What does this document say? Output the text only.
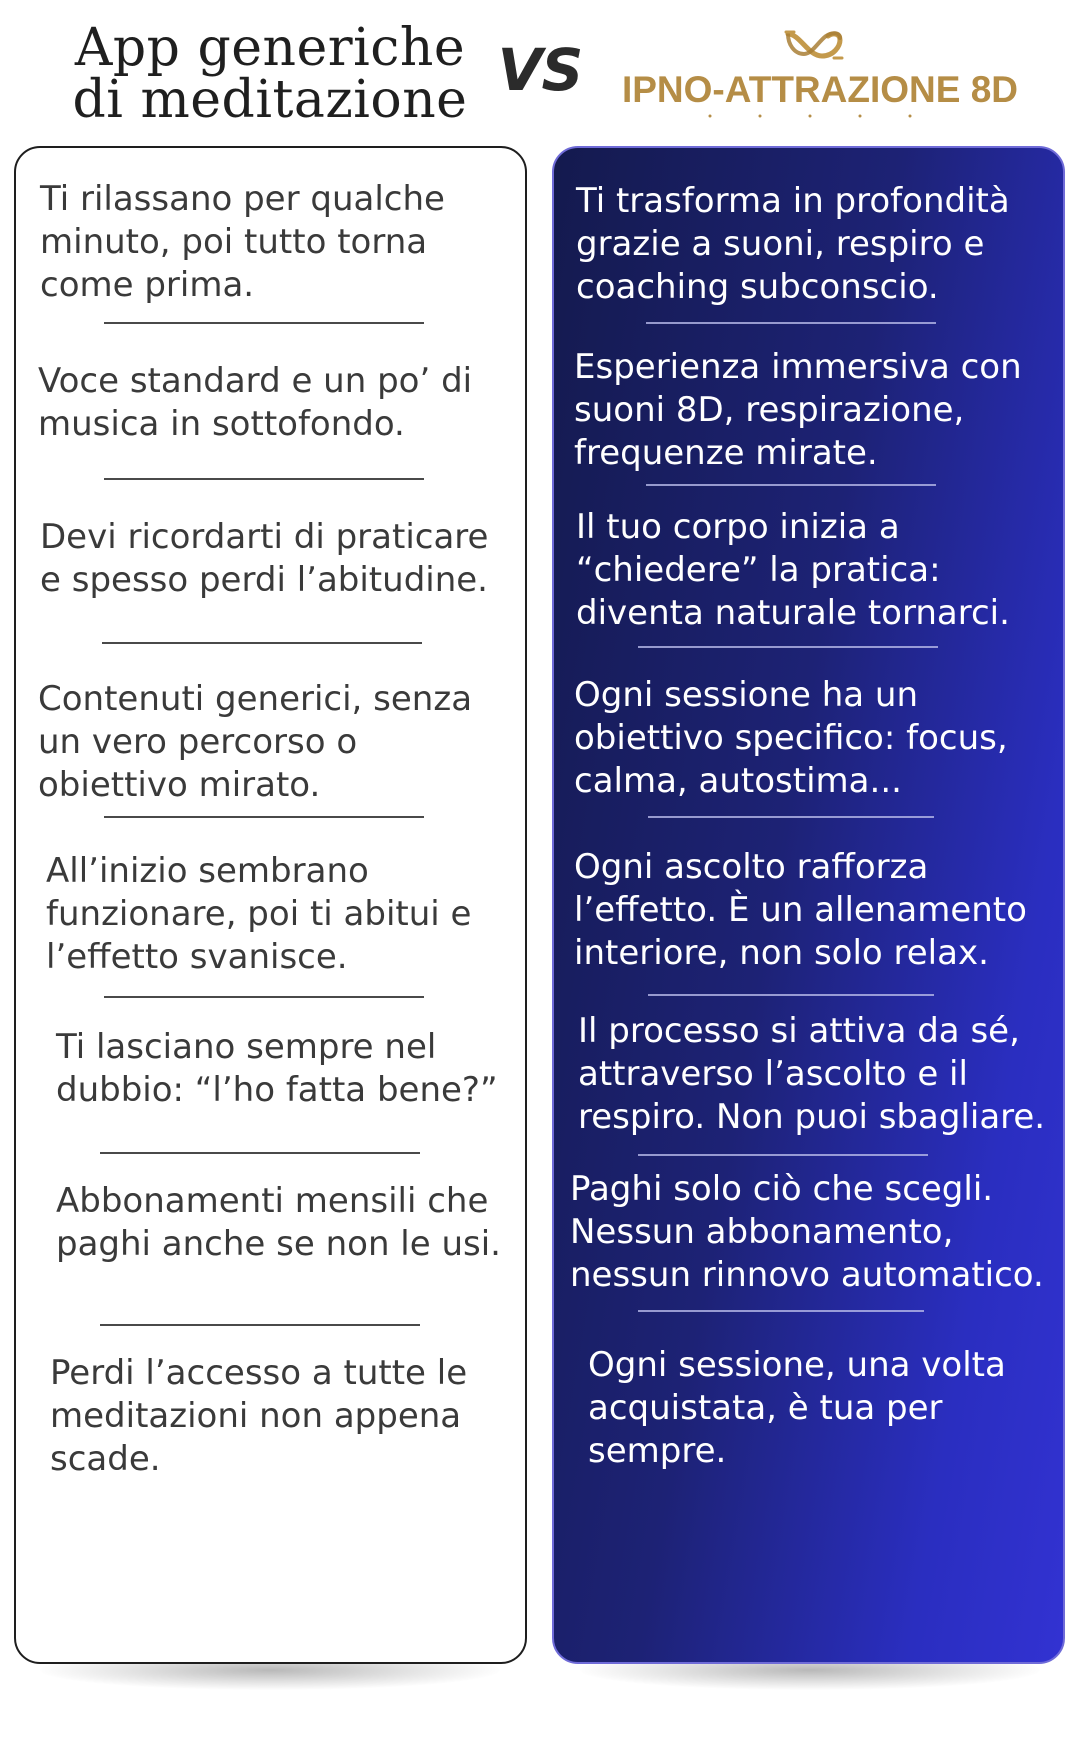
App generiche
di meditazione VS	IPNO-ATTRAZIONE 8D
Ti rilassano per qualche
minuto, poi tutto torna
come prima.
Voce standard e un po’ di
musica in sottofondo.
Devi ricordarti di praticare
e spesso perdi l’abitudine.
Contenuti generici, senza
un vero percorso o
obiettivo mirato.
All’inizio sembrano
funzionare, poi ti abitui e
l’effetto svanisce.
Ti lasciano sempre nel
dubbio: “l’ho fatta bene?”
Abbonamenti mensili che
paghi anche se non le usi.
Perdi l’accesso a tutte le
meditazioni non appena
scade.
Ti trasforma in profondità
grazie a suoni, respiro e
coaching subconscio.
Esperienza immersiva con
suoni 8D, respirazione,
frequenze mirate.
Il tuo corpo inizia a
“chiedere” la pratica:
diventa naturale tornarci.
Ogni sessione ha un
obiettivo specifico: focus,
calma, autostima...
Ogni ascolto rafforza
l’effetto. È un allenamento
interiore, non solo relax.
Il processo si attiva da sé,
attraverso l’ascolto e il
respiro. Non puoi sbagliare.
Paghi solo ciò che scegli.
Nessun abbonamento,
nessun rinnovo automatico.
Ogni sessione, una volta
acquistata, è tua per
sempre.
